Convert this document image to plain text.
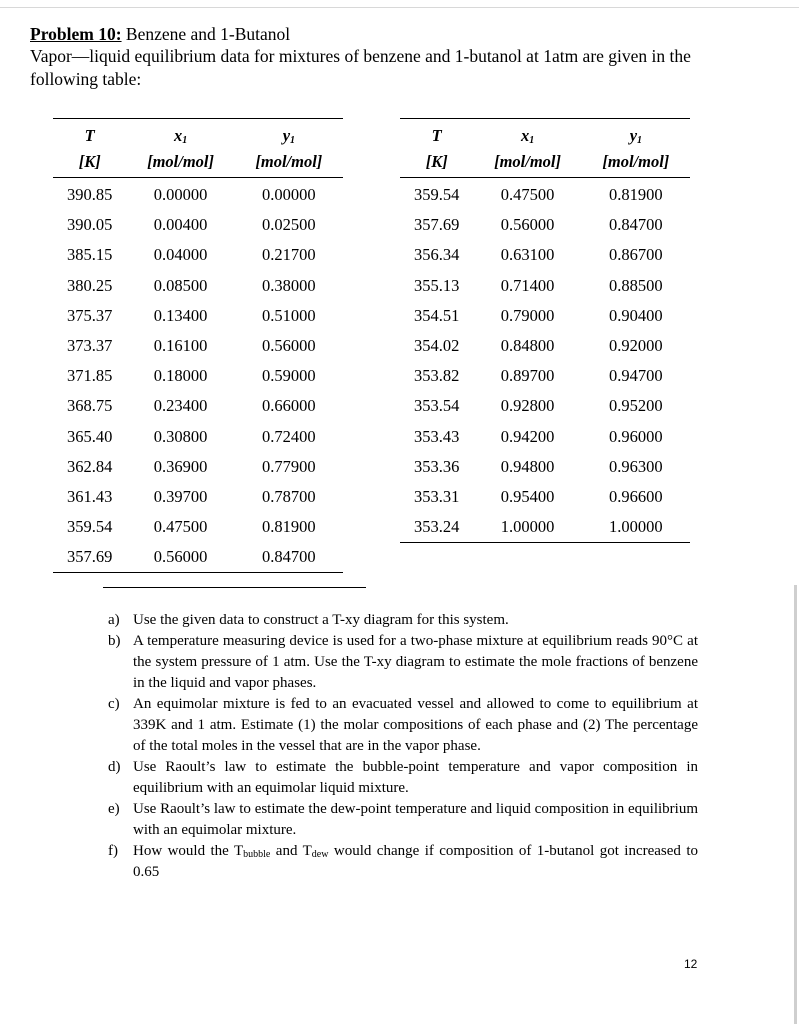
Problem 10: Benzene and 1-Butanol
Vapor—liquid equilibrium data for mixtures of benzene and 1-butanol at 1atm are given in the following table:
T	$x_1$	$y_1$
[K]	[mol/mol]	[mol/mol]
390.85	0.00000	0.00000
390.05	0.00400	0.02500
385.15	0.04000	0.21700
380.25	0.08500	0.38000
375.37	0.13400	0.51000
373.37	0.16100	0.56000
371.85	0.18000	0.59000
368.75	0.23400	0.66000
365.40	0.30800	0.72400
362.84	0.36900	0.77900
361.43	0.39700	0.78700
359.54	0.47500	0.81900
357.69	0.56000	0.84700
T	$x_1$	$y_1$
[K]	[mol/mol]	[mol/mol]
359.54	0.47500	0.81900
357.69	0.56000	0.84700
356.34	0.63100	0.86700
355.13	0.71400	0.88500
354.51	0.79000	0.90400
354.02	0.84800	0.92000
353.82	0.89700	0.94700
353.54	0.92800	0.95200
353.43	0.94200	0.96000
353.36	0.94800	0.96300
353.31	0.95400	0.96600
353.24	1.00000	1.00000
a) Use the given data to construct a T-xy diagram for this system.
b) A temperature measuring device is used for a two-phase mixture at equilibrium reads 90°C at the system pressure of 1 atm. Use the T-xy diagram to estimate the mole fractions of benzene in the liquid and vapor phases.
c) An equimolar mixture is fed to an evacuated vessel and allowed to come to equilibrium at 339K and 1 atm. Estimate (1) the molar compositions of each phase and (2) The percentage of the total moles in the vessel that are in the vapor phase.
d) Use Raoult’s law to estimate the bubble-point temperature and vapor composition in equilibrium with an equimolar liquid mixture.
e) Use Raoult’s law to estimate the dew-point temperature and liquid composition in equilibrium with an equimolar mixture.
f) How would the $T_{bubble}$ and $T_{dew}$ would change if composition of 1-butanol got increased to 0.65
12
